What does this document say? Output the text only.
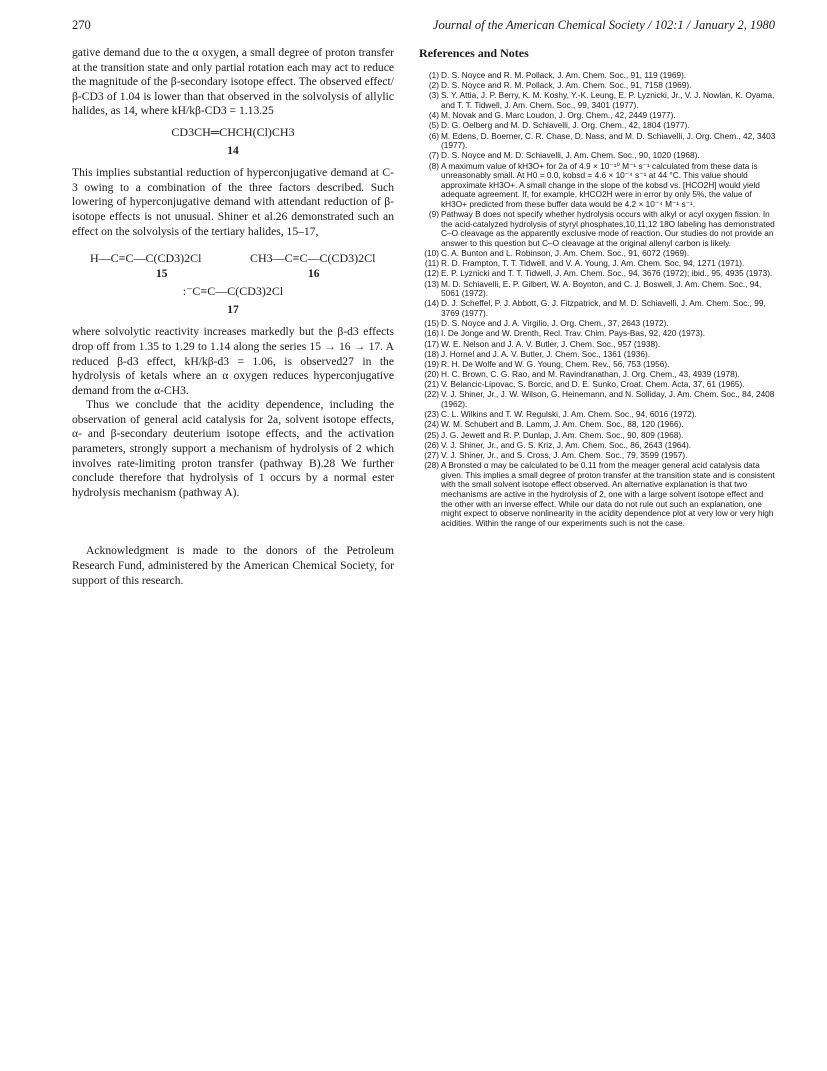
270	Journal of the American Chemical Society / 102:1 / January 2, 1980

gative demand due to the α oxygen, a small degree of proton transfer at the transition state and only partial rotation each may act to reduce the magnitude of the β-secondary isotope effect. The observed effect/β-CD3 of 1.04 is lower than that observed in the solvolysis of allylic halides, as 14, where kH/kβ-CD3 = 1.13.25

CD3CH═CHCH(Cl)CH3
14

This implies substantial reduction of hyperconjugative demand at C-3 owing to a combination of the three factors described. Such lowering of hyperconjugative demand with attendant reduction of β-isotope effects is not unusual. Shiner et al.26 demonstrated such an effect on the solvolysis of the tertiary halides, 15–17,

H—C≡C—C(CD3)2Cl	CH3—C≡C—C(CD3)2Cl
15	16
:⁻C≡C—C(CD3)2Cl
17

where solvolytic reactivity increases markedly but the β-d3 effects drop off from 1.35 to 1.29 to 1.14 along the series 15 → 16 → 17. A reduced β-d3 effect, kH/kβ-d3 = 1.06, is observed27 in the hydrolysis of ketals where an α oxygen reduces hyperconjugative demand from the α-CH3.

Thus we conclude that the acidity dependence, including the observation of general acid catalysis for 2a, solvent isotope effects, α- and β-secondary deuterium isotope effects, and the activation parameters, strongly support a mechanism of hydrolysis of 2 which involves rate-limiting proton transfer (pathway B).28 We further conclude therefore that hydrolysis of 1 occurs by a normal ester hydrolysis mechanism (pathway A).

Acknowledgment is made to the donors of the Petroleum Research Fund, administered by the American Chemical Society, for support of this research.

References and Notes
(1) D. S. Noyce and R. M. Pollack, J. Am. Chem. Soc., 91, 119 (1969).
(2) D. S. Noyce and R. M. Pollack, J. Am. Chem. Soc., 91, 7158 (1969).
(3) S. Y. Attia, J. P. Berry, K. M. Koshy, Y.-K. Leung, E. P. Lyznicki, Jr., V. J. Nowlan, K. Oyama, and T. T. Tidwell, J. Am. Chem. Soc., 99, 3401 (1977).
(4) M. Novak and G. Marc Loudon, J. Org. Chem., 42, 2449 (1977).
(5) D. G. Oelberg and M. D. Schiavelli, J. Org. Chem., 42, 1804 (1977).
(6) M. Edens, D. Boerner, C. R. Chase, D. Nass, and M. D. Schiavelli, J. Org. Chem., 42, 3403 (1977).
(7) D. S. Noyce and M. D. Schiavelli, J. Am. Chem. Soc., 90, 1020 (1968).
(8) A maximum value of kH3O+ for 2a of 4.9 × 10⁻¹⁰ M⁻¹ s⁻¹ calculated from these data is unreasonably small. At H0 = 0.0, kobsd = 4.6 × 10⁻⁴ s⁻¹ at 44 °C. This value should approximate kH3O+. A small change in the slope of the kobsd vs. [HCO2H] would yield adequate agreement. If, for example, kHCO2H were in error by only 5%, the value of kH3O+ predicted from these buffer data would be 4.2 × 10⁻⁴ M⁻¹ s⁻¹.
(9) Pathway B does not specify whether hydrolysis occurs with alkyl or acyl oxygen fission. In the acid-catalyzed hydrolysis of styryl phosphates,10,11,12 18O labeling has demonstrated C–O cleavage as the apparently exclusive mode of reaction. Our studies do not provide an answer to this question but C–O cleavage at the original allenyl carbon is likely.
(10) C. A. Bunton and L. Robinson, J. Am. Chem. Soc., 91, 6072 (1969).
(11) R. D. Frampton, T. T. Tidwell, and V. A. Young, J. Am. Chem. Soc, 94, 1271 (1971).
(12) E. P. Lyznicki and T. T. Tidwell, J. Am. Chem. Soc., 94, 3676 (1972); ibid., 95, 4935 (1973).
(13) M. D. Schiavelli, E. P. Gilbert, W. A. Boynton, and C. J. Boswell, J. Am. Chem. Soc., 94, 5061 (1972).
(14) D. J. Scheffel, P. J. Abbott, G. J. Fitzpatrick, and M. D. Schiavelli, J. Am. Chem. Soc., 99, 3769 (1977).
(15) D. S. Noyce and J. A. Virgilio, J. Org. Chem., 37, 2643 (1972).
(16) I. De Jonge and W. Drenth, Recl. Trav. Chim. Pays-Bas, 92, 420 (1973).
(17) W. E. Nelson and J. A. V. Butler, J. Chem. Soc., 957 (1938).
(18) J. Hornel and J. A. V. Butler, J. Chem. Soc., 1361 (1936).
(19) R. H. De Wolfe and W. G. Young, Chem. Rev., 56, 753 (1956).
(20) H. C. Brown, C. G. Rao, and M. Ravindranathan, J. Org. Chem., 43, 4939 (1978).
(21) V. Belancic-Lipovac, S. Borcic, and D. E. Sunko, Croat. Chem. Acta, 37, 61 (1965).
(22) V. J. Shiner, Jr., J. W. Wilson, G. Heinemann, and N. Solliday, J. Am. Chem. Soc., 84, 2408 (1962).
(23) C. L. Wilkins and T. W. Regulski, J. Am. Chem. Soc., 94, 6016 (1972).
(24) W. M. Schubert and B. Lamm, J. Am. Chem. Soc., 88, 120 (1966).
(25) J. G. Jewett and R. P. Dunlap, J. Am. Chem. Soc., 90, 809 (1968).
(26) V. J. Shiner, Jr., and G. S. Kriz, J. Am. Chem. Soc., 86, 2643 (1964).
(27) V. J. Shiner, Jr., and S. Cross, J. Am. Chem. Soc., 79, 3599 (1957).
(28) A Bronsted α may be calculated to be 0.11 from the meager general acid catalysis data given. This implies a small degree of proton transfer at the transition state and is consistent with the small solvent isotope effect observed. An alternative explanation is that two mechanisms are active in the hydrolysis of 2, one with a large solvent isotope effect and the other with an inverse effect. While our data do not rule out such an explanation, one might expect to observe nonlinearity in the acidity dependence plot at very low or very high acidities. Within the range of our experiments such is not the case.
